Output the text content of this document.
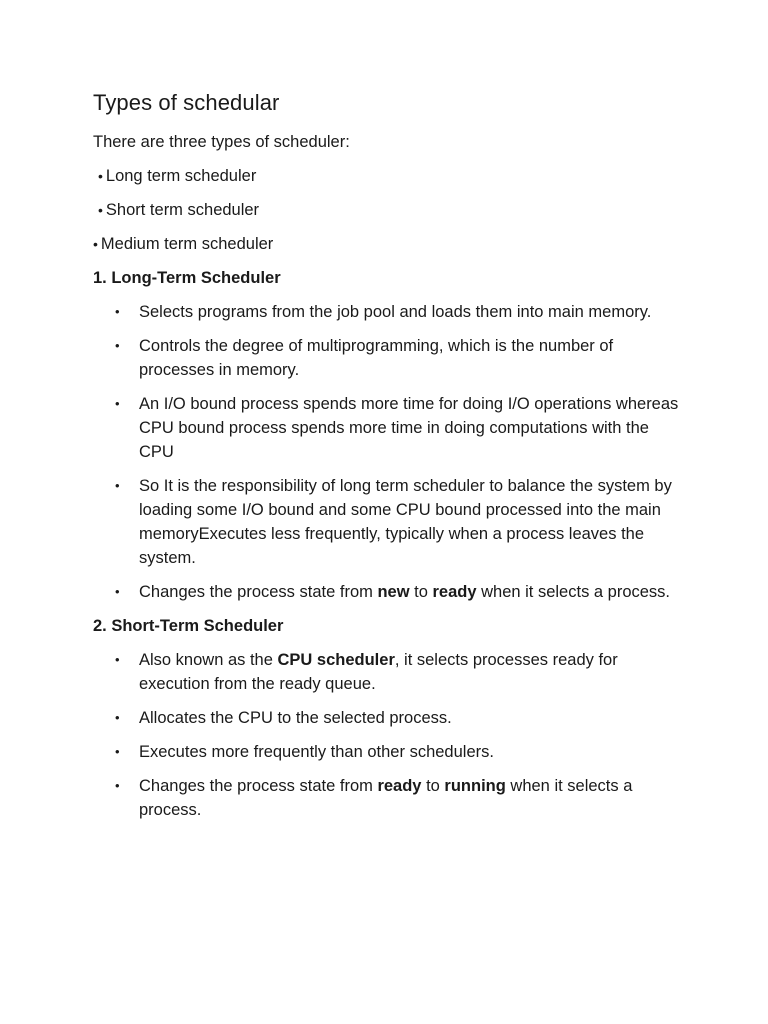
Types of schedular

There are three types of scheduler:

• Long term scheduler

• Short term scheduler

• Medium term scheduler

1. Long-Term Scheduler

• Selects programs from the job pool and loads them into main memory.
• Controls the degree of multiprogramming, which is the number of processes in memory.
• An I/O bound process spends more time for doing I/O operations whereas CPU bound process spends more time in doing computations with the CPU
• So It is the responsibility of long term scheduler to balance the system by loading some I/O bound and some CPU bound processed into the main memoryExecutes less frequently, typically when a process leaves the system.
• Changes the process state from new to ready when it selects a process.

2. Short-Term Scheduler

• Also known as the CPU scheduler, it selects processes ready for execution from the ready queue.
• Allocates the CPU to the selected process.
• Executes more frequently than other schedulers.
• Changes the process state from ready to running when it selects a process.
